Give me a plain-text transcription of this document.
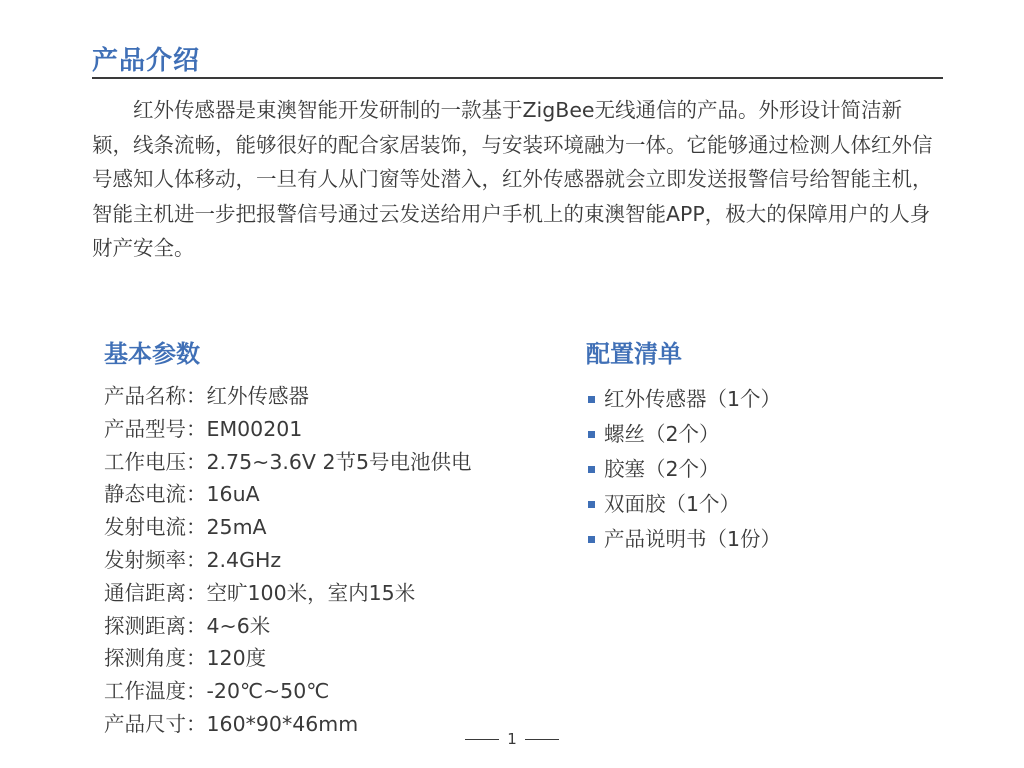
产品介绍

红外传感器是東澳智能开发研制的一款基于ZigBee无线通信的产品。外形设计简洁新颖，线条流畅，能够很好的配合家居装饰，与安装环境融为一体。它能够通过检测人体红外信号感知人体移动，一旦有人从门窗等处潜入，红外传感器就会立即发送报警信号给智能主机，智能主机进一步把报警信号通过云发送给用户手机上的東澳智能APP，极大的保障用户的人身财产安全。

基本参数
产品名称：红外传感器
产品型号：EM00201
工作电压：2.75~3.6V 2节5号电池供电
静态电流：16uA
发射电流：25mA
发射频率：2.4GHz
通信距离：空旷100米，室内15米
探测距离：4~6米
探测角度：120度
工作温度：-20℃~50℃
产品尺寸：160*90*46mm
配置清单
红外传感器（1个）
螺丝（2个）
胶塞（2个）
双面胶（1个）
产品说明书（1份）
1
